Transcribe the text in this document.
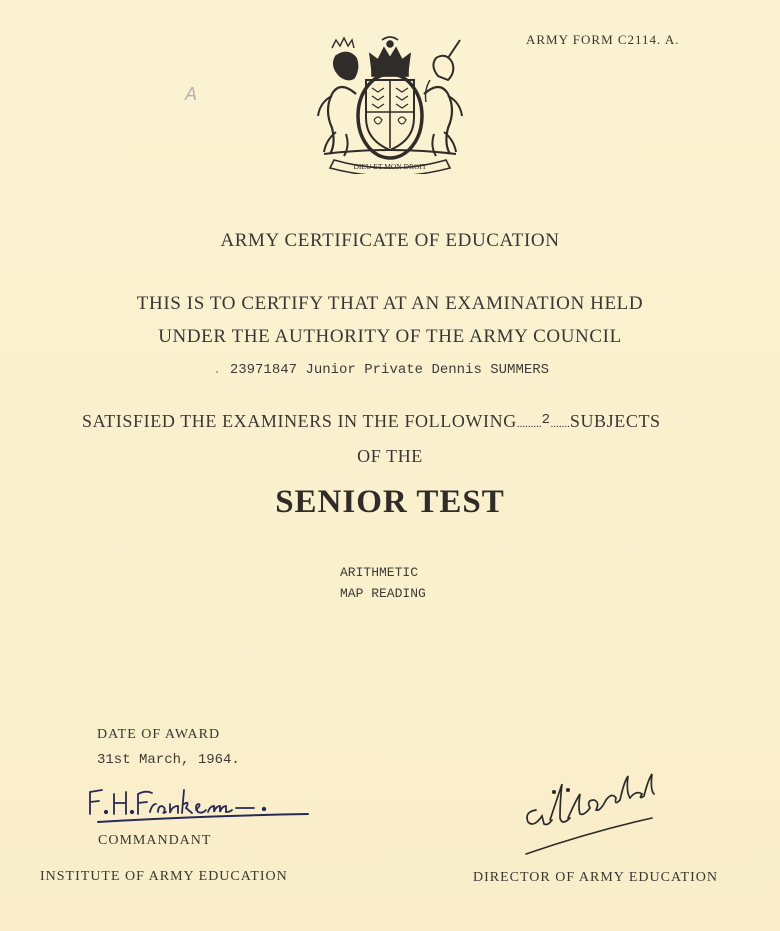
ARMY FORM C2114. A.
A
DIEU ET MON DROIT
ARMY CERTIFICATE OF EDUCATION
THIS IS TO CERTIFY THAT AT AN EXAMINATION HELD
UNDER THE AUTHORITY OF THE ARMY COUNCIL
. 23971847 Junior Private Dennis SUMMERS
SATISFIED THE EXAMINERS IN THE FOLLOWING.........$^2$.......SUBJECTS
OF THE
SENIOR TEST
ARITHMETIC
MAP READING
DATE OF AWARD
31st March, 1964.
COMMANDANT
INSTITUTE OF ARMY EDUCATION	DIRECTOR OF ARMY EDUCATION
